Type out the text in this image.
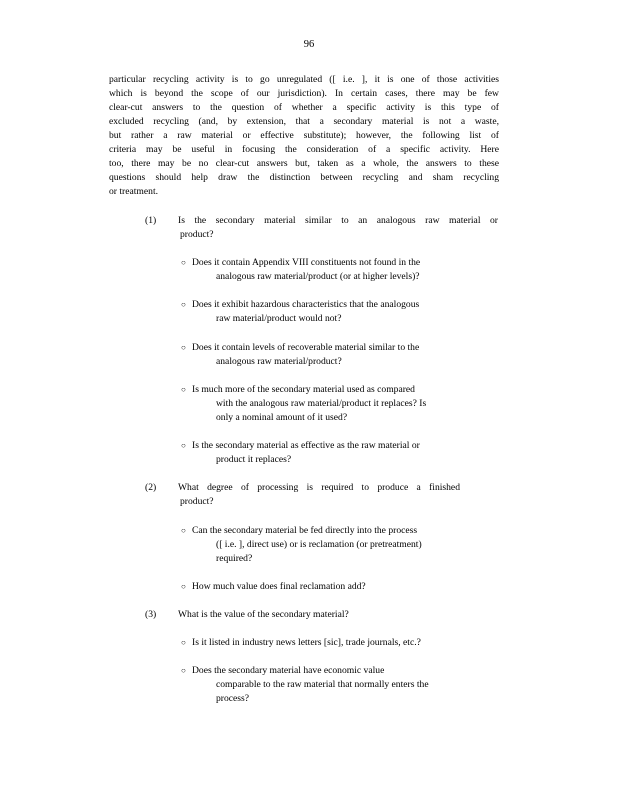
96
particular recycling activity is to go unregulated ([ i.e. ], it is one of those activities
which is beyond the scope of our jurisdiction). In certain cases, there may be few
clear-cut answers to the question of whether a specific activity is this type of
excluded recycling (and, by extension, that a secondary material is not a waste,
but rather a raw material or effective substitute); however, the following list of
criteria may be useful in focusing the consideration of a specific activity. Here
too, there may be no clear-cut answers but, taken as a whole, the answers to these
questions should help draw the distinction between recycling and sham recycling
or treatment.
(1)	Is the secondary material similar to an analogous raw material or
product?
○ Does it contain Appendix VIII constituents not found in the
analogous raw material/product (or at higher levels)?
○ Does it exhibit hazardous characteristics that the analogous
raw material/product would not?
○ Does it contain levels of recoverable material similar to the
analogous raw material/product?
○ Is much more of the secondary material used as compared
with the analogous raw material/product it replaces? Is
only a nominal amount of it used?
○ Is the secondary material as effective as the raw material or
product it replaces?
(2)	What degree of processing is required to produce a finished
product?
○ Can the secondary material be fed directly into the process
([ i.e. ], direct use) or is reclamation (or pretreatment)
required?
○ How much value does final reclamation add?
(3)	What is the value of the secondary material?
○ Is it listed in industry news letters [sic], trade journals, etc.?
○ Does the secondary material have economic value
comparable to the raw material that normally enters the
process?
